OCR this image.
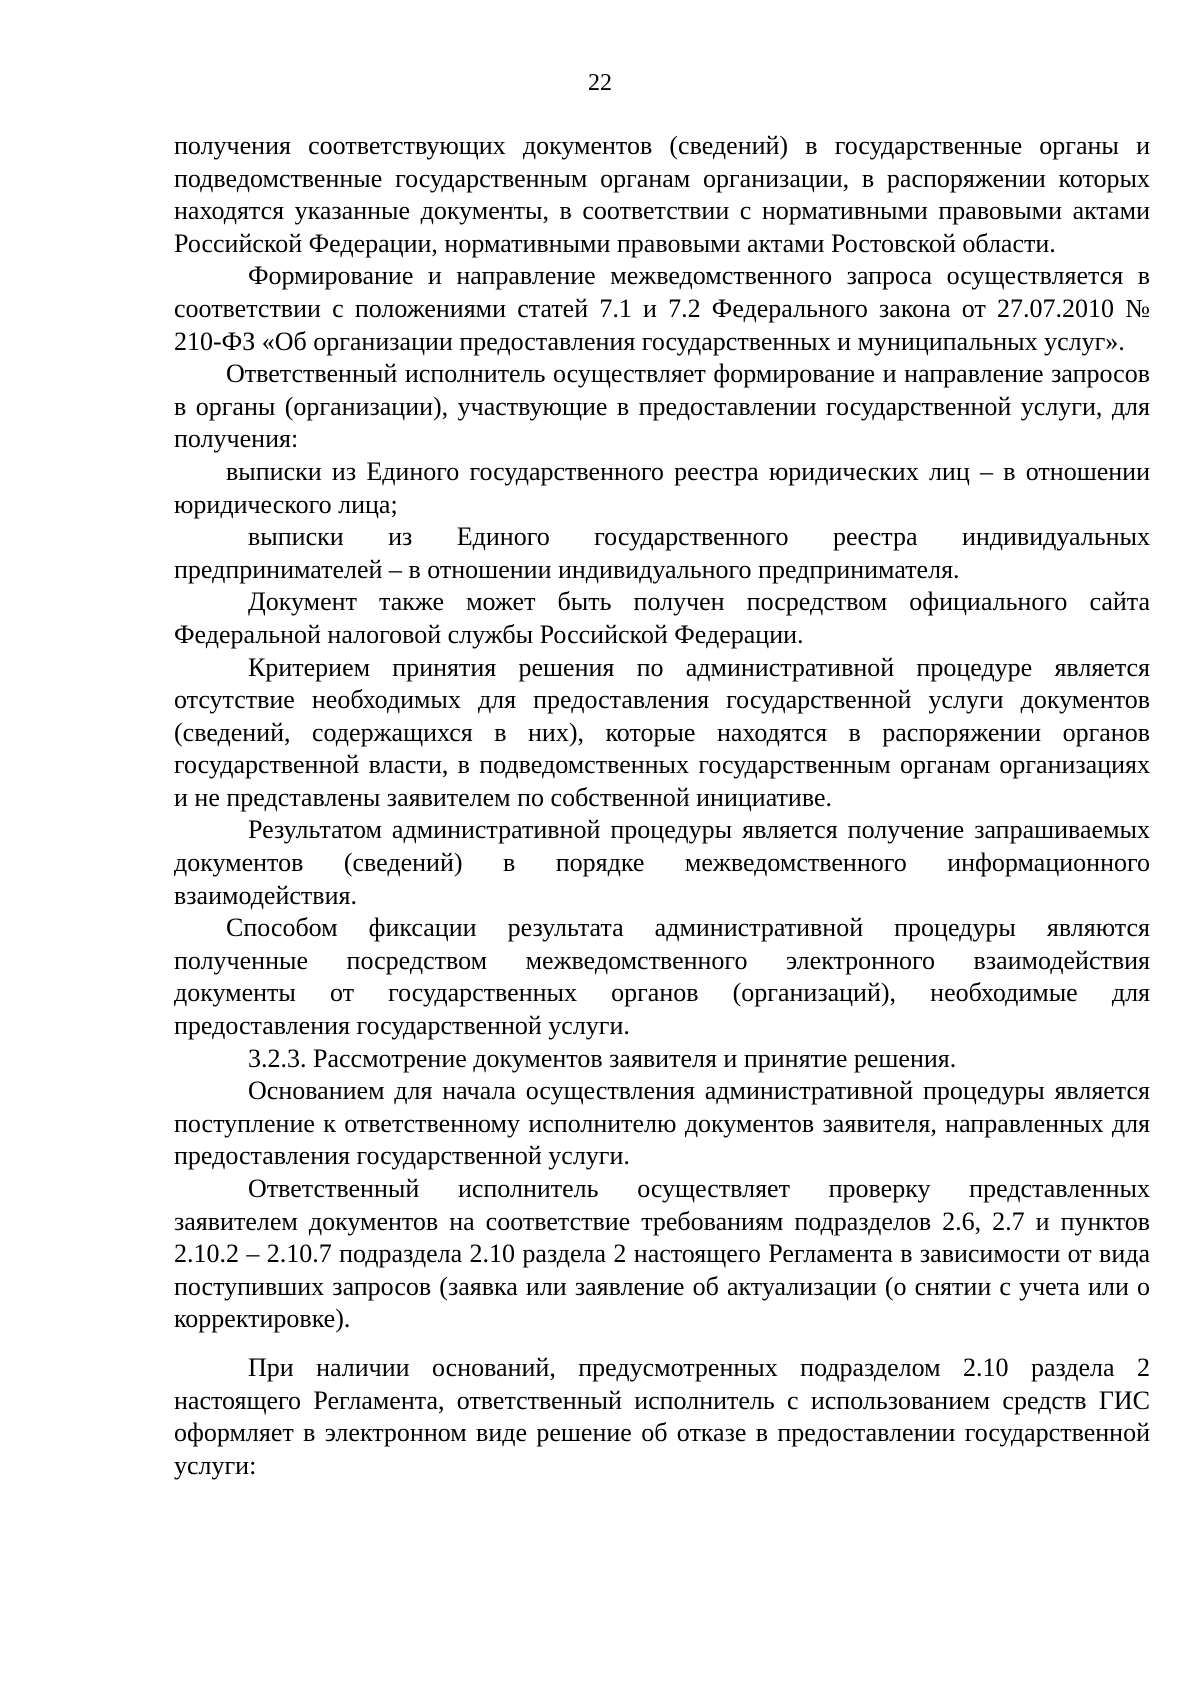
22

получения соответствующих документов (сведений) в государственные органы и подведомственные государственным органам организации, в распоряжении которых находятся указанные документы, в соответствии с нормативными правовыми актами Российской Федерации, нормативными правовыми актами Ростовской области.

Формирование и направление межведомственного запроса осуществляется в соответствии с положениями статей 7.1 и 7.2 Федерального закона от 27.07.2010 № 210-ФЗ «Об организации предоставления государственных и муниципальных услуг».

Ответственный исполнитель осуществляет формирование и направление запросов в органы (организации), участвующие в предоставлении государственной услуги, для получения:

выписки из Единого государственного реестра юридических лиц – в отношении юридического лица;

выписки из Единого государственного реестра индивидуальных предпринимателей – в отношении индивидуального предпринимателя.

Документ также может быть получен посредством официального сайта Федеральной налоговой службы Российской Федерации.

Критерием принятия решения по административной процедуре является отсутствие необходимых для предоставления государственной услуги документов (сведений, содержащихся в них), которые находятся в распоряжении органов государственной власти, в подведомственных государственным органам организациях и не представлены заявителем по собственной инициативе.

Результатом административной процедуры является получение запрашиваемых документов (сведений) в порядке межведомственного информационного взаимодействия.

Способом фиксации результата административной процедуры являются полученные посредством межведомственного электронного взаимодействия документы от государственных органов (организаций), необходимые для предоставления государственной услуги.

3.2.3. Рассмотрение документов заявителя и принятие решения.

Основанием для начала осуществления административной процедуры является поступление к ответственному исполнителю документов заявителя, направленных для предоставления государственной услуги.

Ответственный исполнитель осуществляет проверку представленных заявителем документов на соответствие требованиям подразделов 2.6, 2.7 и пунктов 2.10.2 – 2.10.7 подраздела 2.10 раздела 2 настоящего Регламента в зависимости от вида поступивших запросов (заявка или заявление об актуализации (о снятии с учета или о корректировке).

При наличии оснований, предусмотренных подразделом 2.10 раздела 2 настоящего Регламента, ответственный исполнитель с использованием средств ГИС оформляет в электронном виде решение об отказе в предоставлении государственной услуги:
